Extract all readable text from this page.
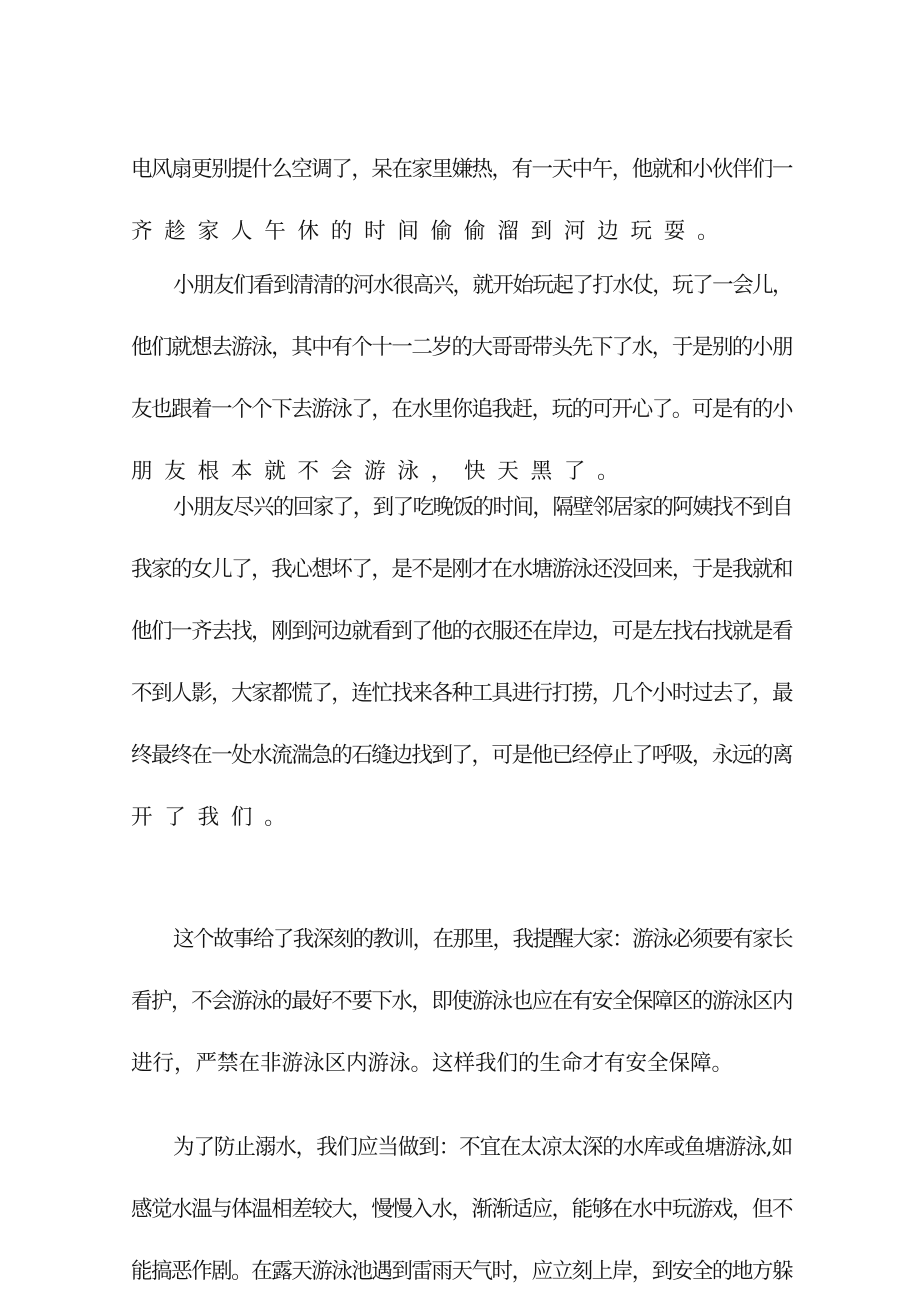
电风扇更别提什么空调了，呆在家里嫌热，有一天中午，他就和小伙伴们一
齐趁家人午休的时间偷偷溜到河边玩耍。
小朋友们看到清清的河水很高兴，就开始玩起了打水仗，玩了一会儿，
他们就想去游泳，其中有个十一二岁的大哥哥带头先下了水，于是别的小朋
友也跟着一个个下去游泳了，在水里你追我赶，玩的可开心了。可是有的小
朋友根本就不会游泳，快天黑了。
小朋友尽兴的回家了，到了吃晚饭的时间，隔壁邻居家的阿姨找不到自
我家的女儿了，我心想坏了，是不是刚才在水塘游泳还没回来，于是我就和
他们一齐去找，刚到河边就看到了他的衣服还在岸边，可是左找右找就是看
不到人影，大家都慌了，连忙找来各种工具进行打捞，几个小时过去了，最
终最终在一处水流湍急的石缝边找到了，可是他已经停止了呼吸，永远的离
开了我们。
这个故事给了我深刻的教训，在那里，我提醒大家：游泳必须要有家长
看护，不会游泳的最好不要下水，即使游泳也应在有安全保障区的游泳区内
进行，严禁在非游泳区内游泳。这样我们的生命才有安全保障。
为了防止溺水，我们应当做到：不宜在太凉太深的水库或鱼塘游泳,如
感觉水温与体温相差较大，慢慢入水，渐渐适应，能够在水中玩游戏，但不
能搞恶作剧。在露天游泳池遇到雷雨天气时，应立刻上岸，到安全的地方躲
